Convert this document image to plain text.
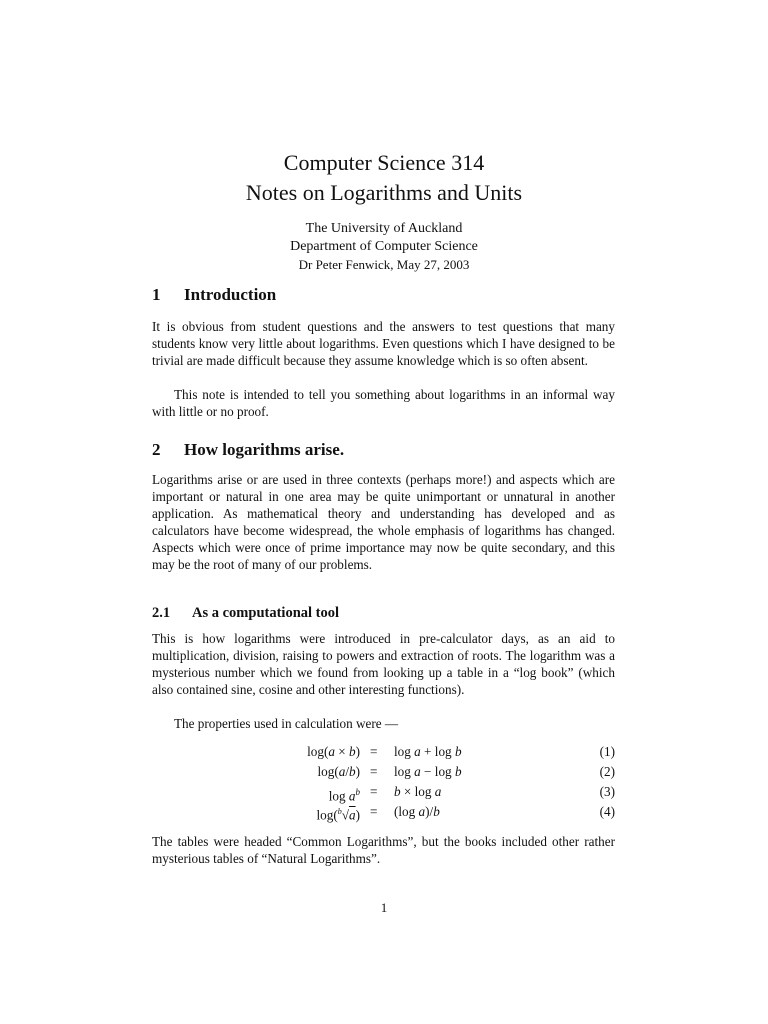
Computer Science 314
Notes on Logarithms and Units
The University of Auckland
Department of Computer Science
Dr Peter Fenwick, May 27, 2003
1 Introduction

It is obvious from student questions and the answers to test questions that many students know very little about logarithms. Even questions which I have designed to be trivial are made difficult because they assume knowledge which is so often absent.

This note is intended to tell you something about logarithms in an informal way with little or no proof.

2 How logarithms arise.

Logarithms arise or are used in three contexts (perhaps more!) and aspects which are important or natural in one area may be quite unimportant or unnatural in another application. As mathematical theory and understanding has developed and as calculators have become widespread, the whole emphasis of logarithms has changed. Aspects which were once of prime importance may now be quite secondary, and this may be the root of many of our problems.

2.1 As a computational tool

This is how logarithms were introduced in pre-calculator days, as an aid to multiplication, division, raising to powers and extraction of roots. The logarithm was a mysterious number which we found from looking up a table in a “log book” (which also contained sine, cosine and other interesting functions).

The properties used in calculation were —

log(a × b) = log a + log b	(1)
log(a/b) = log a − log b	(2)
$\log a^b = b \times \log a$	(3)
log($^b$√a) = (log a)/b	(4)

The tables were headed “Common Logarithms”, but the books included other rather mysterious tables of “Natural Logarithms”.

1
